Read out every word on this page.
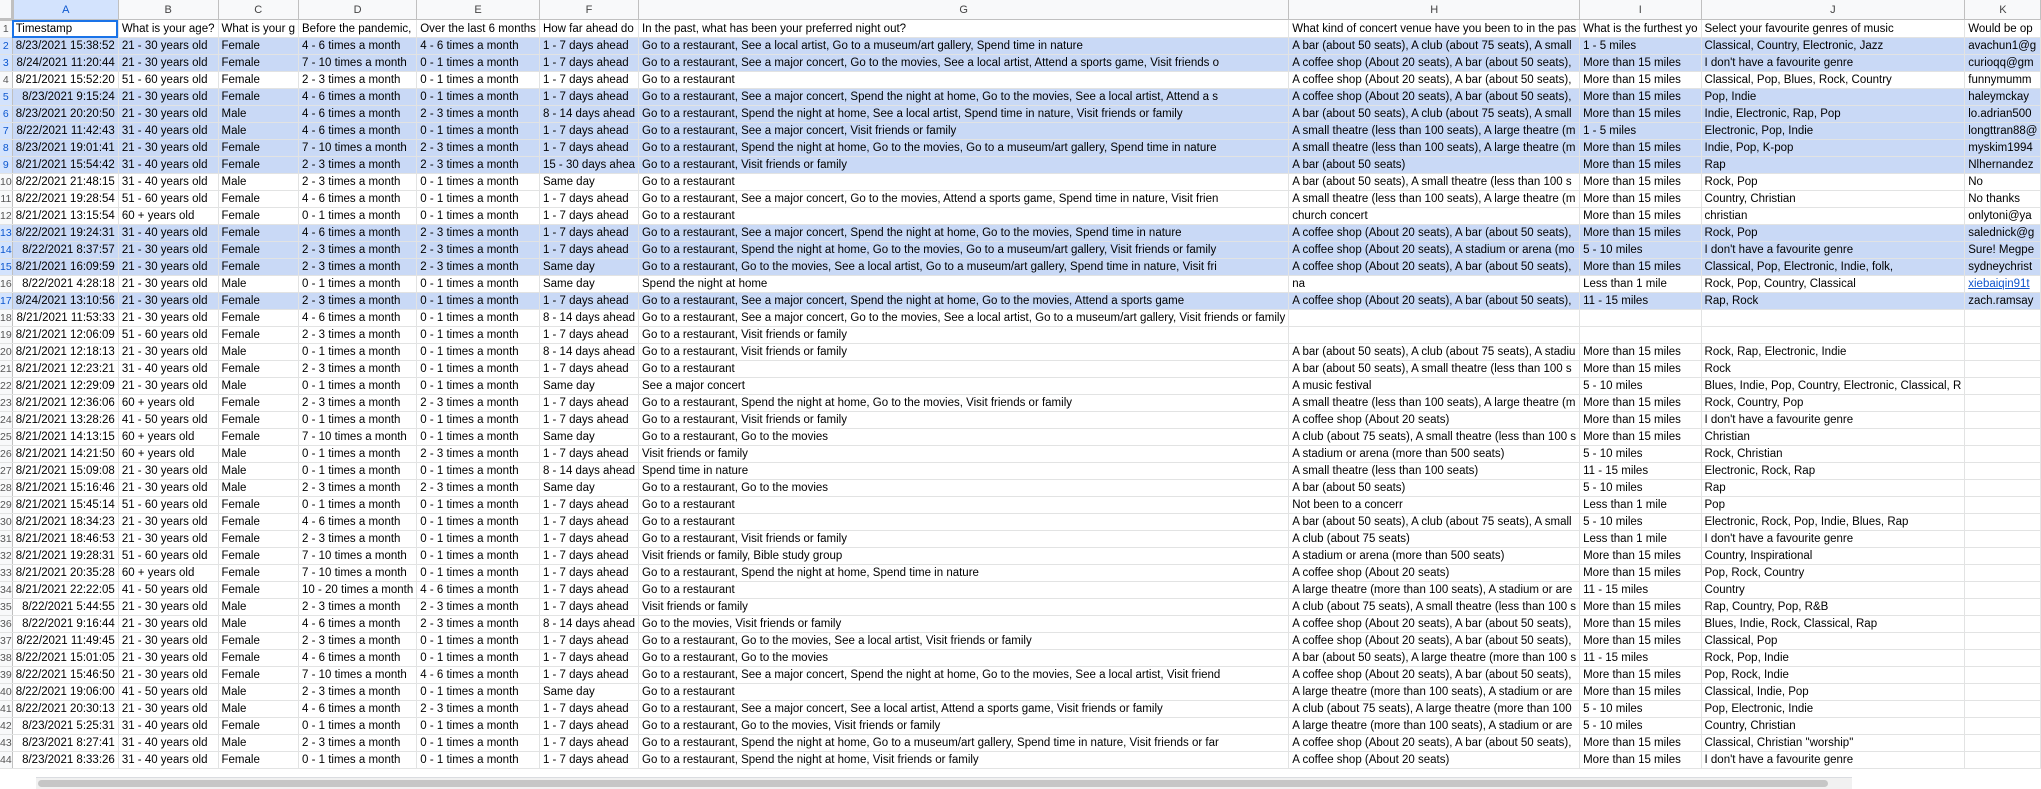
	A	B	C	D	E	F	G	H	I	J	K
1	Timestamp	What is your age?	What is your g	Before the pandemic,	Over the last 6 months	How far ahead do	In the past, what has been your preferred night out?	What kind of concert venue have you been to in the pas	What is the furthest yo	Select your favourite genres of music	Would be op
2	8/23/2021 15:38:52	21 - 30 years old	Female	4 - 6 times a month	4 - 6 times a month	1 - 7 days ahead	Go to a restaurant, See a local artist, Go to a museum/art gallery, Spend time in nature	A bar (about 50 seats), A club (about 75 seats), A small	1 - 5 miles	Classical, Country, Electronic, Jazz	avachun1@g
3	8/24/2021 11:20:44	21 - 30 years old	Female	7 - 10 times a month	0 - 1 times a month	1 - 7 days ahead	Go to a restaurant, See a major concert, Go to the movies, See a local artist, Attend a sports game, Visit friends o	A coffee shop (About 20 seats), A bar (about 50 seats),	More than 15 miles	I don't have a favourite genre	curioqq@gm
4	8/21/2021 15:52:20	51 - 60 years old	Female	2 - 3 times a month	0 - 1 times a month	1 - 7 days ahead	Go to a restaurant	A coffee shop (About 20 seats), A bar (about 50 seats),	More than 15 miles	Classical, Pop, Blues, Rock, Country	funnymumm
5	8/23/2021 9:15:24	21 - 30 years old	Female	4 - 6 times a month	0 - 1 times a month	1 - 7 days ahead	Go to a restaurant, See a major concert, Spend the night at home, Go to the movies, See a local artist, Attend a s	A coffee shop (About 20 seats), A bar (about 50 seats),	More than 15 miles	Pop, Indie	haleymckay
6	8/23/2021 20:20:50	21 - 30 years old	Male	4 - 6 times a month	2 - 3 times a month	8 - 14 days ahead	Go to a restaurant, Spend the night at home, See a local artist, Spend time in nature, Visit friends or family	A bar (about 50 seats), A club (about 75 seats), A small	More than 15 miles	Indie, Electronic, Rap, Pop	lo.adrian500
7	8/22/2021 11:42:43	31 - 40 years old	Male	4 - 6 times a month	0 - 1 times a month	1 - 7 days ahead	Go to a restaurant, See a major concert, Visit friends or family	A small theatre (less than 100 seats), A large theatre (m	1 - 5 miles	Electronic, Pop, Indie	longttran88@
8	8/23/2021 19:01:41	21 - 30 years old	Female	7 - 10 times a month	2 - 3 times a month	1 - 7 days ahead	Go to a restaurant, Spend the night at home, Go to the movies, Go to a museum/art gallery, Spend time in nature	A small theatre (less than 100 seats), A large theatre (m	More than 15 miles	Indie, Pop, K-pop	myskim1994
9	8/21/2021 15:54:42	31 - 40 years old	Female	2 - 3 times a month	2 - 3 times a month	15 - 30 days ahea	Go to a restaurant, Visit friends or family	A bar (about 50 seats)	More than 15 miles	Rap	Nlhernandez
10	8/22/2021 21:48:15	31 - 40 years old	Male	2 - 3 times a month	0 - 1 times a month	Same day	Go to a restaurant	A bar (about 50 seats), A small theatre (less than 100 s	More than 15 miles	Rock, Pop	No
11	8/22/2021 19:28:54	51 - 60 years old	Female	4 - 6 times a month	0 - 1 times a month	1 - 7 days ahead	Go to a restaurant, See a major concert, Go to the movies, Attend a sports game, Spend time in nature, Visit frien	A small theatre (less than 100 seats), A large theatre (m	More than 15 miles	Country, Christian	No thanks
12	8/21/2021 13:15:54	60 + years old	Female	0 - 1 times a month	0 - 1 times a month	1 - 7 days ahead	Go to a restaurant	church concert	More than 15 miles	christian	onlytoni@ya
13	8/22/2021 19:24:31	31 - 40 years old	Female	4 - 6 times a month	2 - 3 times a month	1 - 7 days ahead	Go to a restaurant, See a major concert, Spend the night at home, Go to the movies, Spend time in nature	A coffee shop (About 20 seats), A bar (about 50 seats),	More than 15 miles	Rock, Pop	salednick@g
14	8/22/2021 8:37:57	21 - 30 years old	Female	2 - 3 times a month	2 - 3 times a month	1 - 7 days ahead	Go to a restaurant, Spend the night at home, Go to the movies, Go to a museum/art gallery, Visit friends or family	A coffee shop (About 20 seats), A stadium or arena (mo	5 - 10 miles	I don't have a favourite genre	Sure! Megpe
15	8/21/2021 16:09:59	21 - 30 years old	Female	2 - 3 times a month	2 - 3 times a month	Same day	Go to a restaurant, Go to the movies, See a local artist, Go to a museum/art gallery, Spend time in nature, Visit fri	A coffee shop (About 20 seats), A bar (about 50 seats),	More than 15 miles	Classical, Pop, Electronic, Indie, folk,	sydneychrist
16	8/22/2021 4:28:18	21 - 30 years old	Male	0 - 1 times a month	0 - 1 times a month	Same day	Spend the night at home	na	Less than 1 mile	Rock, Pop, Country, Classical	xiebaiqin91t
17	8/24/2021 13:10:56	21 - 30 years old	Female	2 - 3 times a month	0 - 1 times a month	1 - 7 days ahead	Go to a restaurant, See a major concert, Spend the night at home, Go to the movies, Attend a sports game	A coffee shop (About 20 seats), A bar (about 50 seats),	11 - 15 miles	Rap, Rock	zach.ramsay
18	8/21/2021 11:53:33	21 - 30 years old	Female	4 - 6 times a month	0 - 1 times a month	8 - 14 days ahead	Go to a restaurant, See a major concert, Go to the movies, See a local artist, Go to a museum/art gallery, Visit friends or family				
19	8/21/2021 12:06:09	51 - 60 years old	Female	2 - 3 times a month	0 - 1 times a month	1 - 7 days ahead	Go to a restaurant, Visit friends or family				
20	8/21/2021 12:18:13	21 - 30 years old	Male	0 - 1 times a month	0 - 1 times a month	8 - 14 days ahead	Go to a restaurant, Visit friends or family	A bar (about 50 seats), A club (about 75 seats), A stadiu	More than 15 miles	Rock, Rap, Electronic, Indie	
21	8/21/2021 12:23:21	31 - 40 years old	Female	2 - 3 times a month	0 - 1 times a month	1 - 7 days ahead	Go to a restaurant	A bar (about 50 seats), A small theatre (less than 100 s	More than 15 miles	Rock	
22	8/21/2021 12:29:09	21 - 30 years old	Male	0 - 1 times a month	0 - 1 times a month	Same day	See a major concert	A music festival	5 - 10 miles	Blues, Indie, Pop, Country, Electronic, Classical, R	
23	8/21/2021 12:36:06	60 + years old	Female	2 - 3 times a month	2 - 3 times a month	1 - 7 days ahead	Go to a restaurant, Spend the night at home, Go to the movies, Visit friends or family	A small theatre (less than 100 seats), A large theatre (m	More than 15 miles	Rock, Country, Pop	
24	8/21/2021 13:28:26	41 - 50 years old	Female	0 - 1 times a month	0 - 1 times a month	1 - 7 days ahead	Go to a restaurant, Visit friends or family	A coffee shop (About 20 seats)	More than 15 miles	I don't have a favourite genre	
25	8/21/2021 14:13:15	60 + years old	Female	7 - 10 times a month	0 - 1 times a month	Same day	Go to a restaurant, Go to the movies	A club (about 75 seats), A small theatre (less than 100 s	More than 15 miles	Christian	
26	8/21/2021 14:21:50	60 + years old	Male	0 - 1 times a month	2 - 3 times a month	1 - 7 days ahead	Visit friends or family	A stadium or arena (more than 500 seats)	5 - 10 miles	Rock, Christian	
27	8/21/2021 15:09:08	21 - 30 years old	Male	0 - 1 times a month	0 - 1 times a month	8 - 14 days ahead	Spend time in nature	A small theatre (less than 100 seats)	11 - 15 miles	Electronic, Rock, Rap	
28	8/21/2021 15:16:46	21 - 30 years old	Male	2 - 3 times a month	2 - 3 times a month	Same day	Go to a restaurant, Go to the movies	A bar (about 50 seats)	5 - 10 miles	Rap	
29	8/21/2021 15:45:14	51 - 60 years old	Female	0 - 1 times a month	0 - 1 times a month	1 - 7 days ahead	Go to a restaurant	Not been to a concerr	Less than 1 mile	Pop	
30	8/21/2021 18:34:23	21 - 30 years old	Female	4 - 6 times a month	0 - 1 times a month	1 - 7 days ahead	Go to a restaurant	A bar (about 50 seats), A club (about 75 seats), A small	5 - 10 miles	Electronic, Rock, Pop, Indie, Blues, Rap	
31	8/21/2021 18:46:53	21 - 30 years old	Female	2 - 3 times a month	0 - 1 times a month	1 - 7 days ahead	Go to a restaurant, Visit friends or family	A club (about 75 seats)	Less than 1 mile	I don't have a favourite genre	
32	8/21/2021 19:28:31	51 - 60 years old	Female	7 - 10 times a month	0 - 1 times a month	1 - 7 days ahead	Visit friends or family, Bible study group	A stadium or arena (more than 500 seats)	More than 15 miles	Country, Inspirational	
33	8/21/2021 20:35:28	60 + years old	Female	7 - 10 times a month	0 - 1 times a month	1 - 7 days ahead	Go to a restaurant, Spend the night at home, Spend time in nature	A coffee shop (About 20 seats)	More than 15 miles	Pop, Rock, Country	
34	8/21/2021 22:22:05	41 - 50 years old	Female	10 - 20 times a month	4 - 6 times a month	1 - 7 days ahead	Go to a restaurant	A large theatre (more than 100 seats), A stadium or are	11 - 15 miles	Country	
35	8/22/2021 5:44:55	21 - 30 years old	Male	2 - 3 times a month	2 - 3 times a month	1 - 7 days ahead	Visit friends or family	A club (about 75 seats), A small theatre (less than 100 s	More than 15 miles	Rap, Country, Pop, R&B	
36	8/22/2021 9:16:44	21 - 30 years old	Male	4 - 6 times a month	2 - 3 times a month	8 - 14 days ahead	Go to the movies, Visit friends or family	A coffee shop (About 20 seats), A bar (about 50 seats),	More than 15 miles	Blues, Indie, Rock, Classical, Rap	
37	8/22/2021 11:49:45	21 - 30 years old	Female	2 - 3 times a month	0 - 1 times a month	1 - 7 days ahead	Go to a restaurant, Go to the movies, See a local artist, Visit friends or family	A coffee shop (About 20 seats), A bar (about 50 seats),	More than 15 miles	Classical, Pop	
38	8/22/2021 15:01:05	21 - 30 years old	Female	4 - 6 times a month	0 - 1 times a month	1 - 7 days ahead	Go to a restaurant, Go to the movies	A bar (about 50 seats), A large theatre (more than 100 s	11 - 15 miles	Rock, Pop, Indie	
39	8/22/2021 15:46:50	21 - 30 years old	Female	7 - 10 times a month	4 - 6 times a month	1 - 7 days ahead	Go to a restaurant, See a major concert, Spend the night at home, Go to the movies, See a local artist, Visit friend	A coffee shop (About 20 seats), A bar (about 50 seats),	More than 15 miles	Pop, Rock, Indie	
40	8/22/2021 19:06:00	41 - 50 years old	Male	2 - 3 times a month	0 - 1 times a month	Same day	Go to a restaurant	A large theatre (more than 100 seats), A stadium or are	More than 15 miles	Classical, Indie, Pop	
41	8/22/2021 20:30:13	21 - 30 years old	Male	4 - 6 times a month	2 - 3 times a month	1 - 7 days ahead	Go to a restaurant, See a major concert, See a local artist, Attend a sports game, Visit friends or family	A club (about 75 seats), A large theatre (more than 100	5 - 10 miles	Pop, Electronic, Indie	
42	8/23/2021 5:25:31	31 - 40 years old	Female	0 - 1 times a month	0 - 1 times a month	1 - 7 days ahead	Go to a restaurant, Go to the movies, Visit friends or family	A large theatre (more than 100 seats), A stadium or are	5 - 10 miles	Country, Christian	
43	8/23/2021 8:27:41	31 - 40 years old	Male	2 - 3 times a month	0 - 1 times a month	1 - 7 days ahead	Go to a restaurant, Spend the night at home, Go to a museum/art gallery, Spend time in nature, Visit friends or far	A coffee shop (About 20 seats), A bar (about 50 seats),	More than 15 miles	Classical, Christian "worship"	
44	8/23/2021 8:33:26	31 - 40 years old	Female	0 - 1 times a month	0 - 1 times a month	1 - 7 days ahead	Go to a restaurant, Spend the night at home, Visit friends or family	A coffee shop (About 20 seats)	More than 15 miles	I don't have a favourite genre	
